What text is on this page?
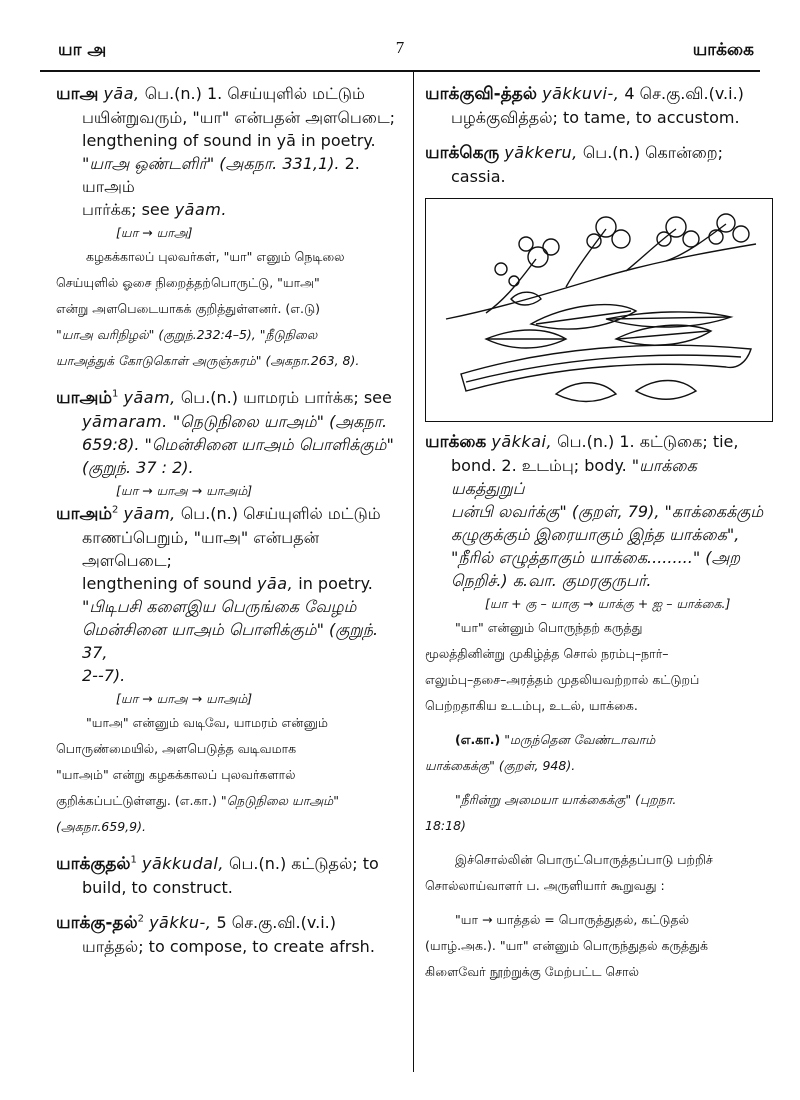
யா அ	7	யாக்கை

யாஅ yāa, பெ.(n.) 1. செய்யுளில் மட்டும்

பயின்றுவரும், "யா" என்பதன் அளபெடை;

lengthening of sound in yā in poetry.

"யாஅ ஒண்டளிர்" (அகநா. 331,1). 2. யாஅம்

பார்க்க; see yāam.

[யா → யாஅ]

கழகக்காலப் புலவர்கள், "யா" எனும் நெடிலை

செய்யுளில் ஓசை நிறைத்தற்பொருட்டு, "யாஅ"

என்று அளபெடையாகக் குறித்துள்ளனர். (எ.டு)

"யாஅ வரிநிழல்" (குறுந்.232:4–5), "நீடுநிலை

யாஅத்துக் கோடுகொள் அருஞ்சுரம்" (அகநா.263, 8).

யாஅம்$^1$ yāam, பெ.(n.) யாமரம் பார்க்க; see

yāmaram. "நெடுநிலை யாஅம்" (அகநா.

659:8). "மென்சினை யாஅம் பொளிக்கும்"

(குறுந். 37 : 2).

[யா → யாஅ → யாஅம்]

யாஅம்$^2$ yāam, பெ.(n.) செய்யுளில் மட்டும்

காணப்பெறும், "யாஅ" என்பதன் அளபெடை;

lengthening of sound yāa, in poetry.

"பிடிபசி களைஇய பெருங்கை வேழம்

மென்சினை யாஅம் பொளிக்கும்" (குறுந். 37,

2--7).

[யா → யாஅ → யாஅம்]

"யாஅ" என்னும் வடிவே, யாமரம் என்னும்

பொருண்மையில், அளபெடுத்த வடிவமாக

"யாஅம்" என்று கழகக்காலப் புலவர்களால்

குறிக்கப்பட்டுள்ளது. (எ.கா.) "நெடுநிலை யாஅம்"

(அகநா.659,9).

யாக்குதல்$^1$ yākkudal, பெ.(n.) கட்டுதல்; to

build, to construct.

யாக்கு-தல்$^2$ yākku-, 5 செ.கு.வி.(v.i.)

யாத்தல்; to compose, to create afrsh.

யாக்குவி-த்தல் yākkuvi-, 4 செ.கு.வி.(v.i.)

பழக்குவித்தல்; to tame, to accustom.

யாக்கெரு yākkeru, பெ.(n.) கொன்றை;

cassia.

யாக்கை yākkai, பெ.(n.) 1. கட்டுகை; tie,

bond. 2. உடம்பு; body. "யாக்கை யகத்துறுப்

பன்பி லவர்க்கு" (குறள், 79), "காக்கைக்கும்

கழுகுக்கும் இரையாகும் இந்த யாக்கை",

"நீரில் எழுத்தாகும் யாக்கை........." (அற

நெறிச்.) க.வா. குமரகுருபர்.

[யா + கு – யாகு → யாக்கு + ஐ – யாக்கை.]

"யா" என்னும் பொருந்தற் கருத்து

மூலத்தினின்று முகிழ்த்த சொல் நரம்பு–நார்–

எலும்பு–தசை–அரத்தம் முதலியவற்றால் கட்டுறப்

பெற்றதாகிய உடம்பு, உடல், யாக்கை.

(எ.கா.) "மருந்தென வேண்டாவாம்

யாக்கைக்கு" (குறள், 948).

"நீரின்று அமையா யாக்கைக்கு" (புறநா.

18:18)

இச்சொல்லின் பொருட்பொருத்தப்பாடு பற்றிச்

சொல்லாய்வாளர் ப. அருளியார் கூறுவது :

"யா → யாத்தல் = பொருத்துதல், கட்டுதல்

(யாழ்.அக.). "யா" என்னும் பொருந்துதல் கருத்துக்

கிளைவேர் நூற்றுக்கு மேற்பட்ட சொல்
